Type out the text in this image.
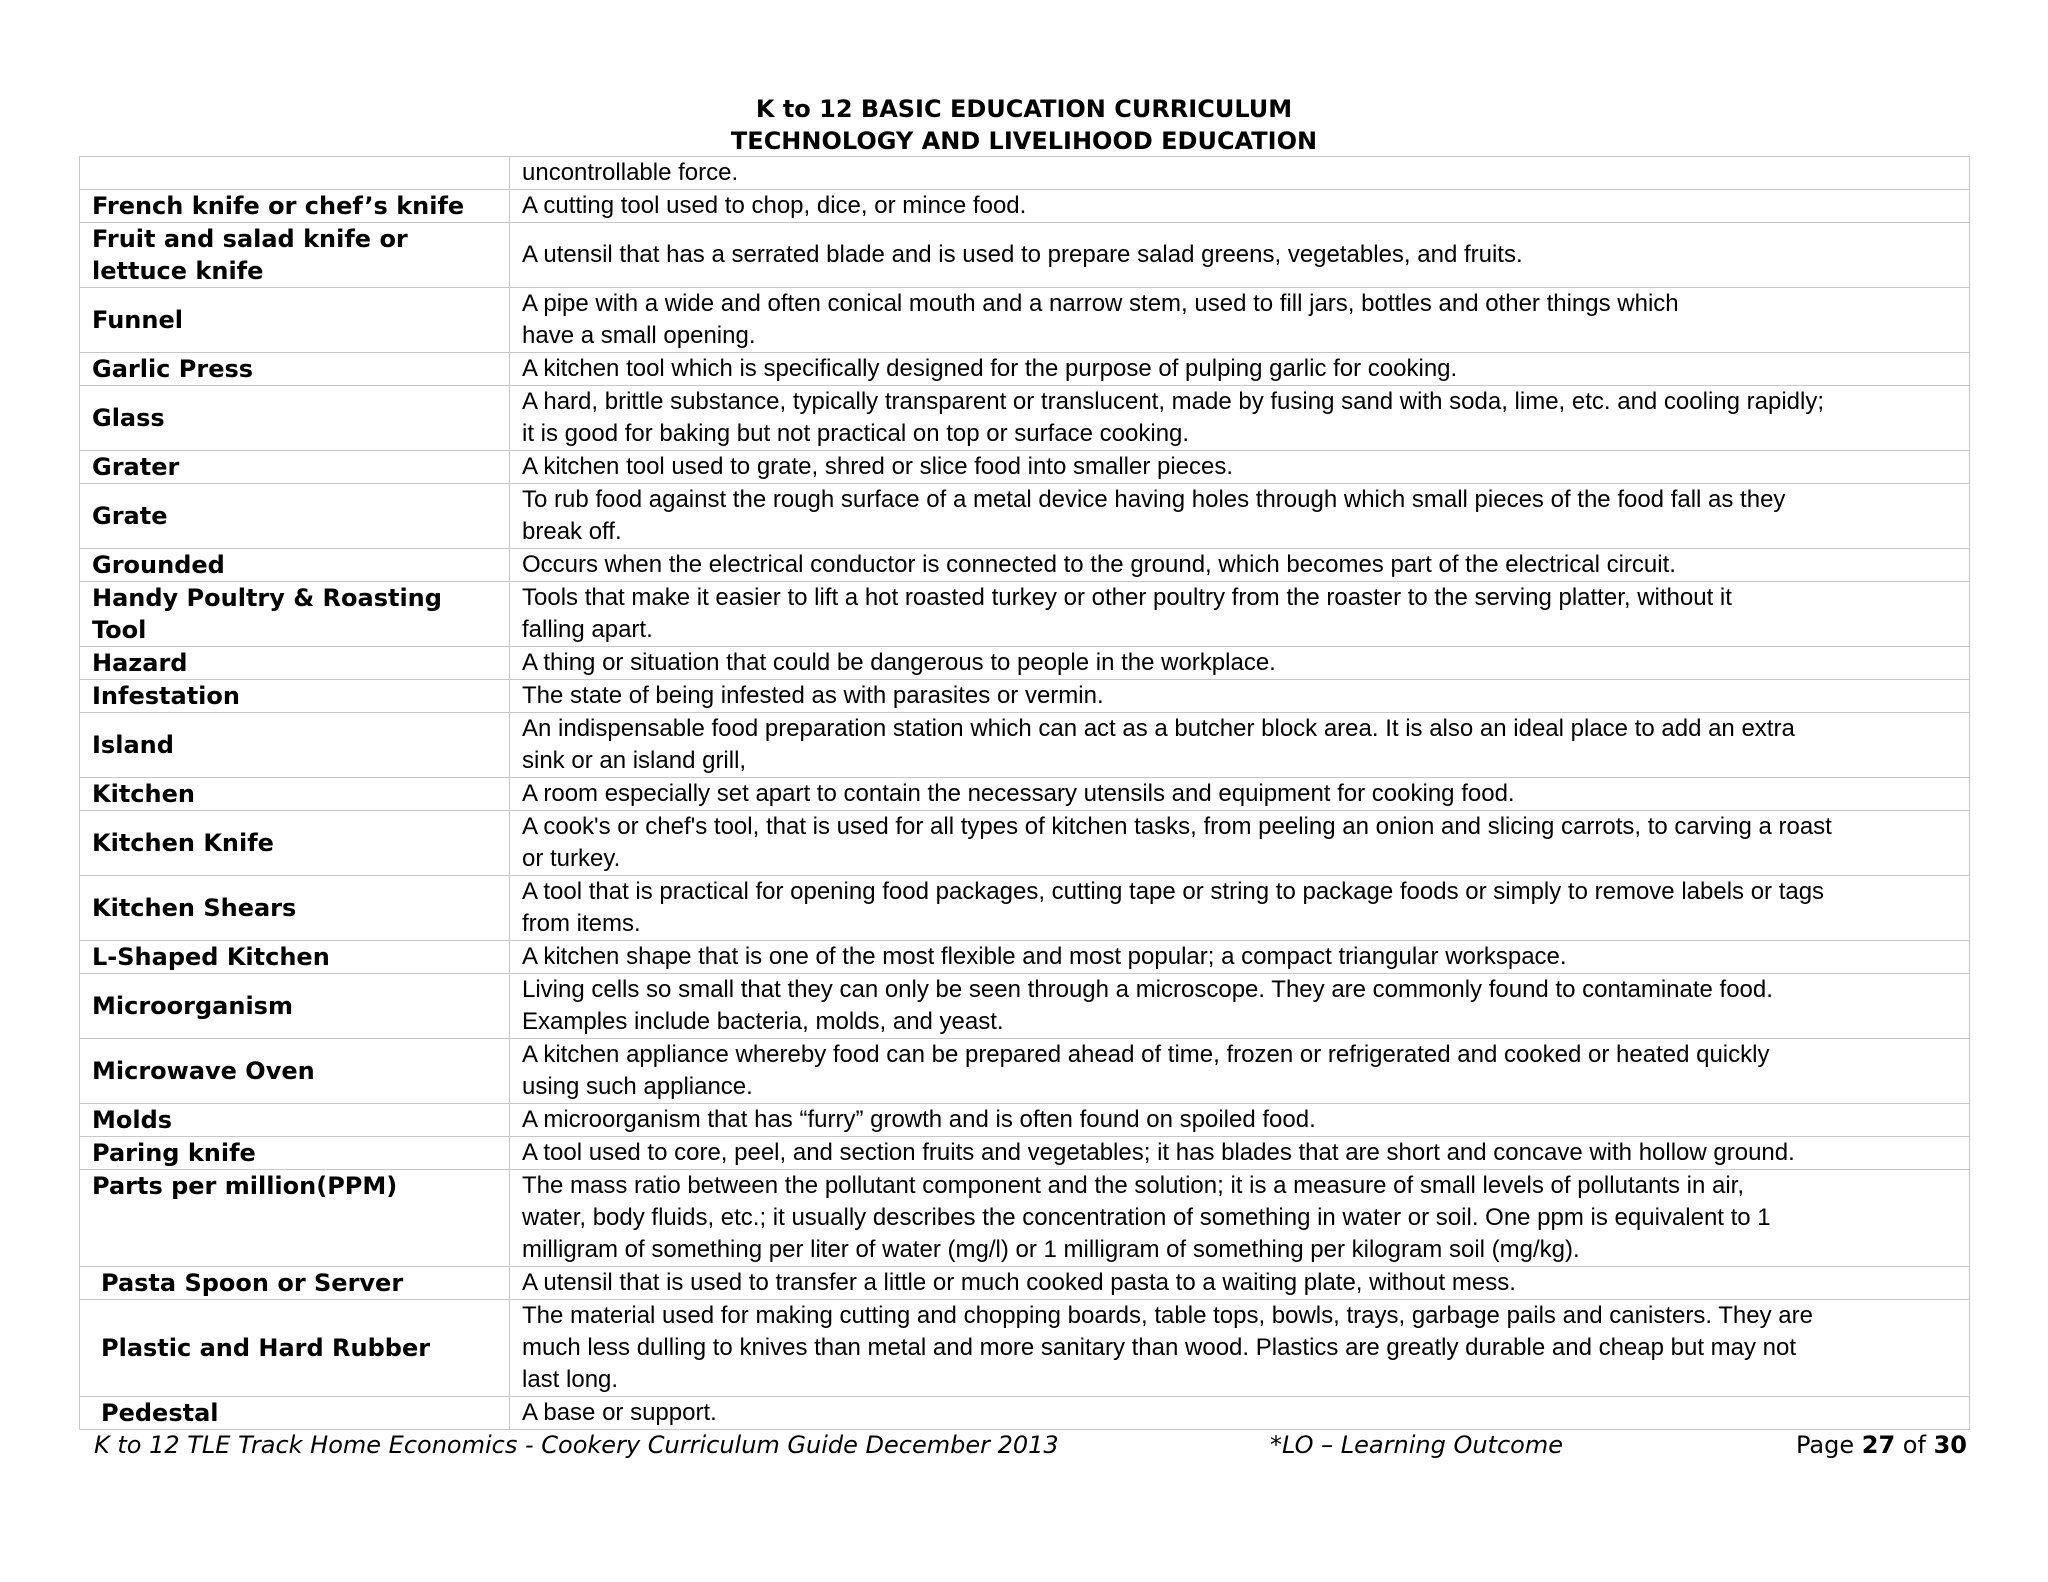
K to 12 BASIC EDUCATION CURRICULUM
TECHNOLOGY AND LIVELIHOOD EDUCATION

	uncontrollable force.

French knife or chef’s knife	A cutting tool used to chop, dice, or mince food.

Fruit and salad knife or lettuce knife	A utensil that has a serrated blade and is used to prepare salad greens, vegetables, and fruits.

Funnel	A pipe with a wide and often conical mouth and a narrow stem, used to fill jars, bottles and other things which
have a small opening.

Garlic Press	A kitchen tool which is specifically designed for the purpose of pulping garlic for cooking.

Glass	A hard, brittle substance, typically transparent or translucent, made by fusing sand with soda, lime, etc. and cooling rapidly;
it is good for baking but not practical on top or surface cooking.

Grater	A kitchen tool used to grate, shred or slice food into smaller pieces.

Grate	To rub food against the rough surface of a metal device having holes through which small pieces of the food fall as they
break off.

Grounded	Occurs when the electrical conductor is connected to the ground, which becomes part of the electrical circuit.

Handy Poultry & Roasting Tool	Tools that make it easier to lift a hot roasted turkey or other poultry from the roaster to the serving platter, without it
falling apart.

Hazard	A thing or situation that could be dangerous to people in the workplace.

Infestation	The state of being infested as with parasites or vermin.

Island	An indispensable food preparation station which can act as a butcher block area. It is also an ideal place to add an extra
sink or an island grill,

Kitchen	A room especially set apart to contain the necessary utensils and equipment for cooking food.

Kitchen Knife	A cook's or chef's tool, that is used for all types of kitchen tasks, from peeling an onion and slicing carrots, to carving a roast
or turkey.

Kitchen Shears	A tool that is practical for opening food packages, cutting tape or string to package foods or simply to remove labels or tags
from items.

L-Shaped Kitchen	A kitchen shape that is one of the most flexible and most popular; a compact triangular workspace.

Microorganism	Living cells so small that they can only be seen through a microscope. They are commonly found to contaminate food.
Examples include bacteria, molds, and yeast.

Microwave Oven	A kitchen appliance whereby food can be prepared ahead of time, frozen or refrigerated and cooked or heated quickly
using such appliance.

Molds	A microorganism that has “furry” growth and is often found on spoiled food.

Paring knife	A tool used to core, peel, and section fruits and vegetables; it has blades that are short and concave with hollow ground.

Parts per million(PPM)	The mass ratio between the pollutant component and the solution; it is a measure of small levels of pollutants in air,
water, body fluids, etc.; it usually describes the concentration of something in water or soil. One ppm is equivalent to 1
milligram of something per liter of water (mg/l) or 1 milligram of something per kilogram soil (mg/kg).

Pasta Spoon or Server	A utensil that is used to transfer a little or much cooked pasta to a waiting plate, without mess.

Plastic and Hard Rubber	The material used for making cutting and chopping boards, table tops, bowls, trays, garbage pails and canisters. They are
much less dulling to knives than metal and more sanitary than wood. Plastics are greatly durable and cheap but may not
last long.

Pedestal	A base or support.
K to 12 TLE Track Home Economics - Cookery Curriculum Guide December 2013	*LO – Learning Outcome	Page 27 of 30
